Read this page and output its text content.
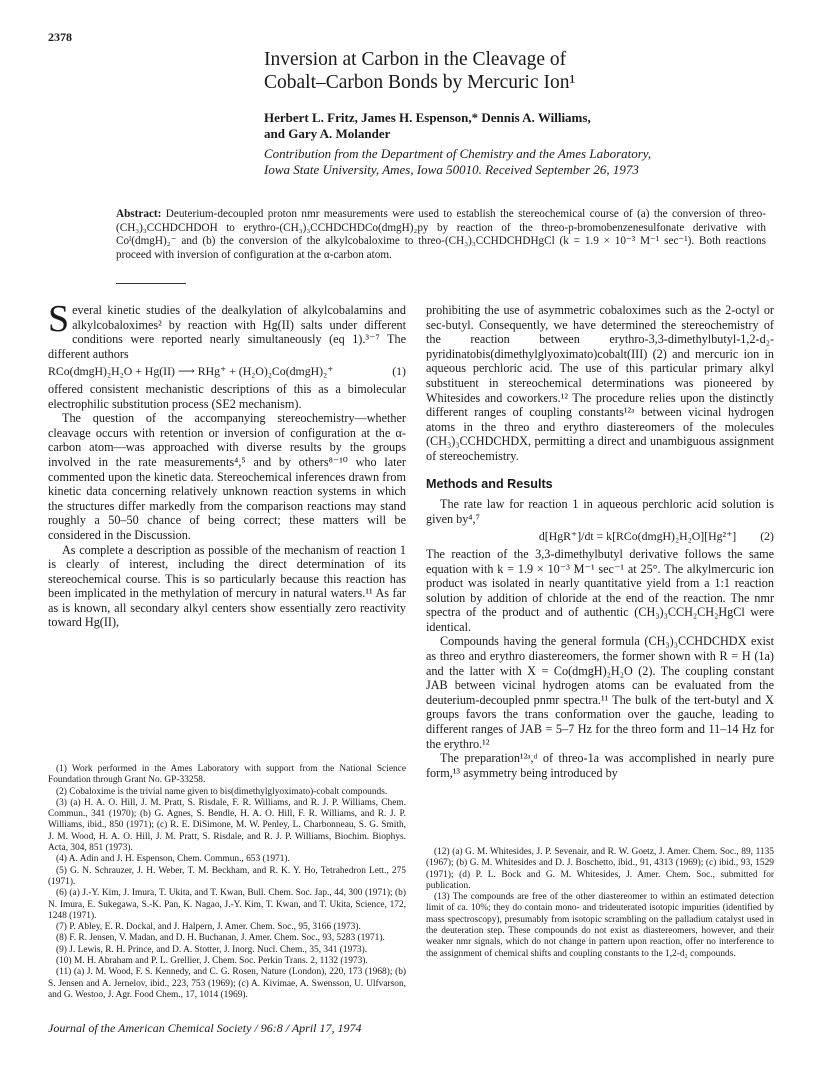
2378
Inversion at Carbon in the Cleavage of
Cobalt–Carbon Bonds by Mercuric Ion¹
Herbert L. Fritz, James H. Espenson,* Dennis A. Williams,
and Gary A. Molander
Contribution from the Department of Chemistry and the Ames Laboratory,
Iowa State University, Ames, Iowa 50010. Received September 26, 1973
Abstract: Deuterium-decoupled proton nmr measurements were used to establish the stereochemical course of (a) the conversion of threo-(CH₃)₃CCHDCHDOH to erythro-(CH₃)₃CCHDCHDCo(dmgH)₂py by reaction of the threo-p-bromobenzenesulfonate derivative with Coᴵ(dmgH)₂⁻ and (b) the conversion of the alkylcobaloxime to threo-(CH₃)₃CCHDCHDHgCl (k = 1.9 × 10⁻³ M⁻¹ sec⁻¹). Both reactions proceed with inversion of configuration at the α-carbon atom.

Several kinetic studies of the dealkylation of alkylcobalamins and alkylcobaloximes² by reaction with Hg(II) salts under different conditions were reported nearly simultaneously (eq 1).³⁻⁷ The different authors

RCo(dmgH)₂H₂O + Hg(II) ⟶ RHg⁺ + (H₂O)₂Co(dmgH)₂⁺	(1)

offered consistent mechanistic descriptions of this as a bimolecular electrophilic substitution process (SE2 mechanism).

The question of the accompanying stereochemistry—whether cleavage occurs with retention or inversion of configuration at the α-carbon atom—was approached with diverse results by the groups involved in the rate measurements⁴,⁵ and by others⁸⁻¹⁰ who later commented upon the kinetic data. Stereochemical inferences drawn from kinetic data concerning relatively unknown reaction systems in which the structures differ markedly from the comparison reactions may stand roughly a 50–50 chance of being correct; these matters will be considered in the Discussion.

As complete a description as possible of the mechanism of reaction 1 is clearly of interest, including the direct determination of its stereochemical course. This is so particularly because this reaction has been implicated in the methylation of mercury in natural waters.¹¹ As far as is known, all secondary alkyl centers show essentially zero reactivity toward Hg(II),

prohibiting the use of asymmetric cobaloximes such as the 2-octyl or sec-butyl. Consequently, we have determined the stereochemistry of the reaction between erythro-3,3-dimethylbutyl-1,2-d₂-pyridinatobis(dimethylglyoximato)cobalt(III) (2) and mercuric ion in aqueous perchloric acid. The use of this particular primary alkyl substituent in stereochemical determinations was pioneered by Whitesides and coworkers.¹² The procedure relies upon the distinctly different ranges of coupling constants¹²ᵃ between vicinal hydrogen atoms in the threo and erythro diastereomers of the molecules (CH₃)₃CCHDCHDX, permitting a direct and unambiguous assignment of stereochemistry.

Methods and Results

The rate law for reaction 1 in aqueous perchloric acid solution is given by⁴,⁷

d[HgR⁺]/dt = k[RCo(dmgH)₂H₂O][Hg²⁺] (2)

The reaction of the 3,3-dimethylbutyl derivative follows the same equation with k = 1.9 × 10⁻³ M⁻¹ sec⁻¹ at 25°. The alkylmercuric ion product was isolated in nearly quantitative yield from a 1:1 reaction solution by addition of chloride at the end of the reaction. The nmr spectra of the product and of authentic (CH₃)₃CCH₂CH₂HgCl were identical.

Compounds having the general formula (CH₃)₃CCHDCHDX exist as threo and erythro diastereomers, the former shown with R = H (1a) and the latter with X = Co(dmgH)₂H₂O (2). The coupling constant JAB between vicinal hydrogen atoms can be evaluated from the deuterium-decoupled pnmr spectra.¹¹ The bulk of the tert-butyl and X groups favors the trans conformation over the gauche, leading to different ranges of JAB = 5–7 Hz for the threo form and 11–14 Hz for the erythro.¹²

The preparation¹²ᵃ,ᵈ of threo-1a was accomplished in nearly pure form,¹³ asymmetry being introduced by

(1) Work performed in the Ames Laboratory with support from the National Science Foundation through Grant No. GP-33258.

(2) Cobaloxime is the trivial name given to bis(dimethylglyoximato)-cobalt compounds.

(3) (a) H. A. O. Hill, J. M. Pratt, S. Risdale, F. R. Williams, and R. J. P. Williams, Chem. Commun., 341 (1970); (b) G. Agnes, S. Bendle, H. A. O. Hill, F. R. Williams, and R. J. P. Williams, ibid., 850 (1971); (c) R. E. DiSimone, M. W. Penley, L. Charbonneau, S. G. Smith, J. M. Wood, H. A. O. Hill, J. M. Pratt, S. Risdale, and R. J. P. Williams, Biochim. Biophys. Acta, 304, 851 (1973).

(4) A. Adin and J. H. Espenson, Chem. Commun., 653 (1971).

(5) G. N. Schrauzer, J. H. Weber, T. M. Beckham, and R. K. Y. Ho, Tetrahedron Lett., 275 (1971).

(6) (a) J.-Y. Kim, J. Imura, T. Ukita, and T. Kwan, Bull. Chem. Soc. Jap., 44, 300 (1971); (b) N. Imura, E. Sukegawa, S.-K. Pan, K. Nagao, J.-Y. Kim, T. Kwan, and T. Ukita, Science, 172, 1248 (1971).

(7) P. Abley, E. R. Dockal, and J. Halpern, J. Amer. Chem. Soc., 95, 3166 (1973).

(8) F. R. Jensen, V. Madan, and D. H. Buchanan, J. Amer. Chem. Soc., 93, 5283 (1971).

(9) J. Lewis, R. H. Prince, and D. A. Stotter, J. Inorg. Nucl. Chem., 35, 341 (1973).

(10) M. H. Abraham and P. L. Grellier, J. Chem. Soc. Perkin Trans. 2, 1132 (1973).

(11) (a) J. M. Wood, F. S. Kennedy, and C. G. Rosen, Nature (London), 220, 173 (1968); (b) S. Jensen and A. Jernelov, ibid., 223, 753 (1969); (c) A. Kivimae, A. Swensson, U. Ulfvarson, and G. Westoo, J. Agr. Food Chem., 17, 1014 (1969).

(12) (a) G. M. Whitesides, J. P. Sevenair, and R. W. Goetz, J. Amer. Chem. Soc., 89, 1135 (1967); (b) G. M. Whitesides and D. J. Boschetto, ibid., 91, 4313 (1969); (c) ibid., 93, 1529 (1971); (d) P. L. Bock and G. M. Whitesides, J. Amer. Chem. Soc., submitted for publication.

(13) The compounds are free of the other diastereomer to within an estimated detection limit of ca. 10%; they do contain mono- and trideuterated isotopic impurities (identified by mass spectroscopy), presumably from isotopic scrambling on the palladium catalyst used in the deuteration step. These compounds do not exist as diastereomers, however, and their weaker nmr signals, which do not change in pattern upon reaction, offer no interference to the assignment of chemical shifts and coupling constants to the 1,2-d₂ compounds.

Journal of the American Chemical Society / 96:8 / April 17, 1974
